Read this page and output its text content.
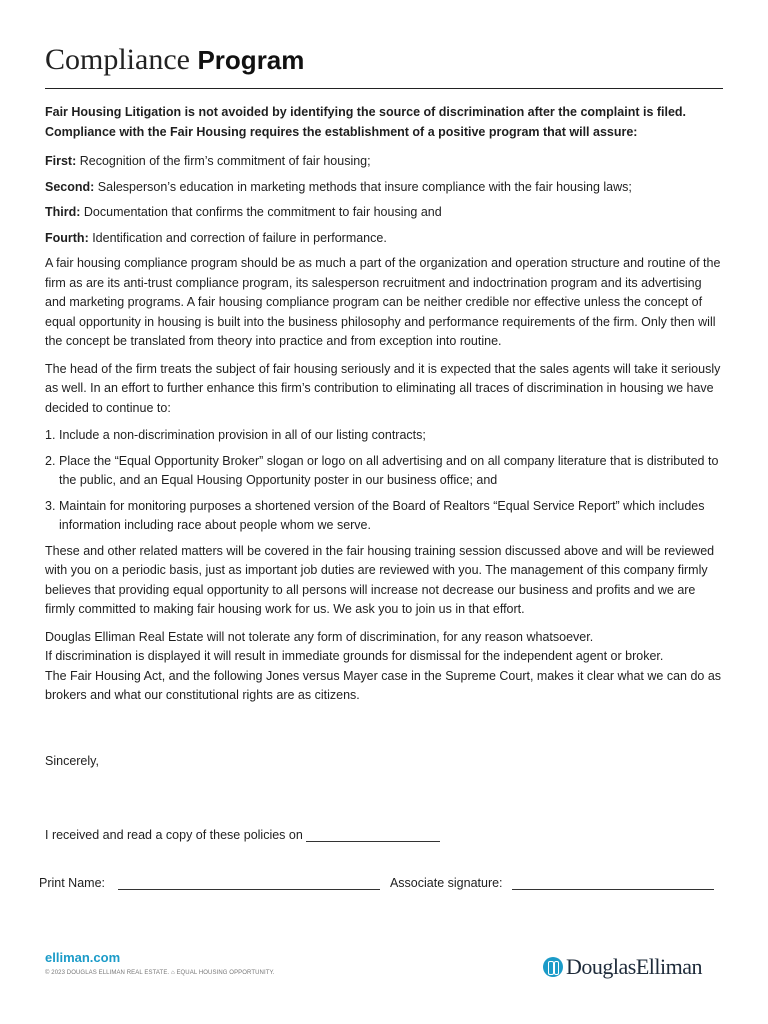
Compliance Program
Fair Housing Litigation is not avoided by identifying the source of discrimination after the complaint is filed.
Compliance with the Fair Housing requires the establishment of a positive program that will assure:
First: Recognition of the firm’s commitment of fair housing;
Second: Salesperson’s education in marketing methods that insure compliance with the fair housing laws;
Third: Documentation that confirms the commitment to fair housing and
Fourth: Identification and correction of failure in performance.

A fair housing compliance program should be as much a part of the organization and operation structure and routine of the firm as are its anti-trust compliance program, its salesperson recruitment and indoctrination program and its advertising and marketing programs. A fair housing compliance program can be neither credible nor effective unless the concept of equal opportunity in housing is built into the business philosophy and performance requirements of the firm. Only then will the concept be translated from theory into practice and from exception into routine.

The head of the firm treats the subject of fair housing seriously and it is expected that the sales agents will take it seriously as well. In an effort to further enhance this firm’s contribution to eliminating all traces of discrimination in housing we have decided to continue to:

1. Include a non-discrimination provision in all of our listing contracts;
2. Place the “Equal Opportunity Broker” slogan or logo on all advertising and on all company literature that is distributed to the public, and an Equal Housing Opportunity poster in our business office; and
3. Maintain for monitoring purposes a shortened version of the Board of Realtors “Equal Service Report” which includes information including race about people whom we serve.

These and other related matters will be covered in the fair housing training session discussed above and will be reviewed with you on a periodic basis, just as important job duties are reviewed with you. The management of this company firmly believes that providing equal opportunity to all persons will increase not decrease our business and profits and we are firmly committed to making fair housing work for us. We ask you to join us in that effort.

Douglas Elliman Real Estate will not tolerate any form of discrimination, for any reason whatsoever.

If discrimination is displayed it will result in immediate grounds for dismissal for the independent agent or broker.

The Fair Housing Act, and the following Jones versus Mayer case in the Supreme Court, makes it clear what we can do as brokers and what our constitutional rights are as citizens.

Sincerely,
I received and read a copy of these policies on
Print Name:	Associate signature:
elliman.com
© 2023 DOUGLAS ELLIMAN REAL ESTATE. ⌂ EQUAL HOUSING OPPORTUNITY.	DouglasElliman
